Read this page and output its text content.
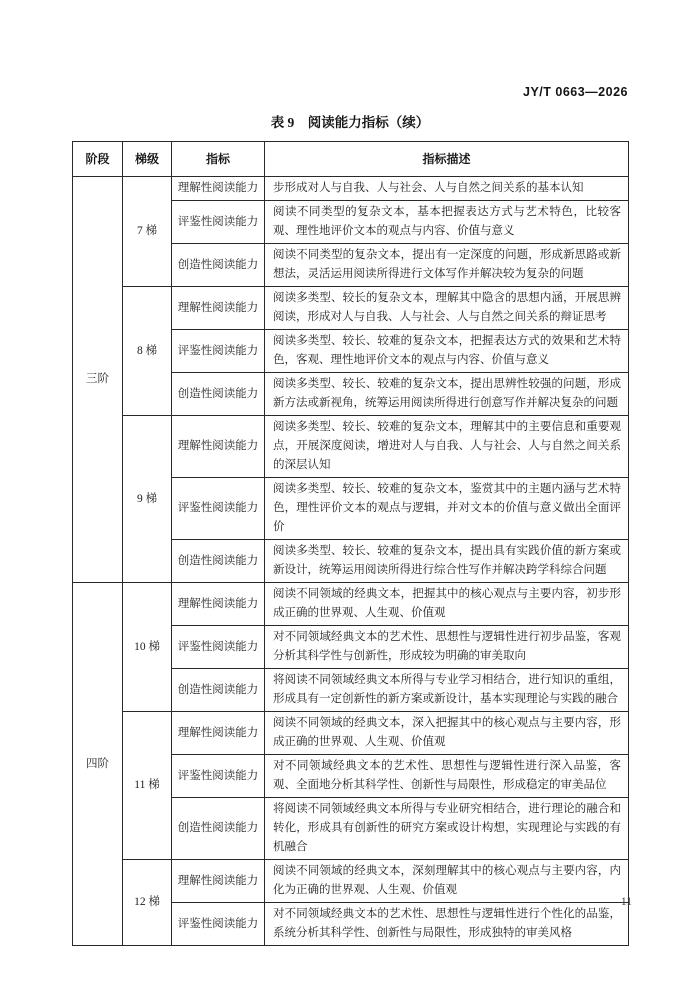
JY/T 0663—2026
表 9　阅读能力指标（续）
阶段	梯级	指标	指标描述
三阶	7 梯	理解性阅读能力	步形成对人与自我、人与社会、人与自然之间关系的基本认知
		评鉴性阅读能力	阅读不同类型的复杂文本，基本把握表达方式与艺术特色，比较客观、理性地评价文本的观点与内容、价值与意义
		创造性阅读能力	阅读不同类型的复杂文本，提出有一定深度的问题，形成新思路或新想法，灵活运用阅读所得进行文体写作并解决较为复杂的问题
	8 梯	理解性阅读能力	阅读多类型、较长的复杂文本，理解其中隐含的思想内涵，开展思辨阅读，形成对人与自我、人与社会、人与自然之间关系的辩证思考
		评鉴性阅读能力	阅读多类型、较长、较难的复杂文本，把握表达方式的效果和艺术特色，客观、理性地评价文本的观点与内容、价值与意义
		创造性阅读能力	阅读多类型、较长、较难的复杂文本，提出思辨性较强的问题，形成新方法或新视角，统筹运用阅读所得进行创意写作并解决复杂的问题
	9 梯	理解性阅读能力	阅读多类型、较长、较难的复杂文本，理解其中的主要信息和重要观点，开展深度阅读，增进对人与自我、人与社会、人与自然之间关系的深层认知
		评鉴性阅读能力	阅读多类型、较长、较难的复杂文本，鉴赏其中的主题内涵与艺术特色，理性评价文本的观点与逻辑，并对文本的价值与意义做出全面评价
		创造性阅读能力	阅读多类型、较长、较难的复杂文本，提出具有实践价值的新方案或新设计，统筹运用阅读所得进行综合性写作并解决跨学科综合问题
四阶	10 梯	理解性阅读能力	阅读不同领域的经典文本，把握其中的核心观点与主要内容，初步形成正确的世界观、人生观、价值观
		评鉴性阅读能力	对不同领域经典文本的艺术性、思想性与逻辑性进行初步品鉴，客观分析其科学性与创新性，形成较为明确的审美取向
		创造性阅读能力	将阅读不同领域经典文本所得与专业学习相结合，进行知识的重组，形成具有一定创新性的新方案或新设计，基本实现理论与实践的融合
	11 梯	理解性阅读能力	阅读不同领域的经典文本，深入把握其中的核心观点与主要内容，形成正确的世界观、人生观、价值观
		评鉴性阅读能力	对不同领域经典文本的艺术性、思想性与逻辑性进行深入品鉴，客观、全面地分析其科学性、创新性与局限性，形成稳定的审美品位
		创造性阅读能力	将阅读不同领域经典文本所得与专业研究相结合，进行理论的融合和转化，形成具有创新性的研究方案或设计构想，实现理论与实践的有机融合
	12 梯	理解性阅读能力	阅读不同领域的经典文本，深刻理解其中的核心观点与主要内容，内化为正确的世界观、人生观、价值观
		评鉴性阅读能力	对不同领域经典文本的艺术性、思想性与逻辑性进行个性化的品鉴，系统分析其科学性、创新性与局限性，形成独特的审美风格
11
